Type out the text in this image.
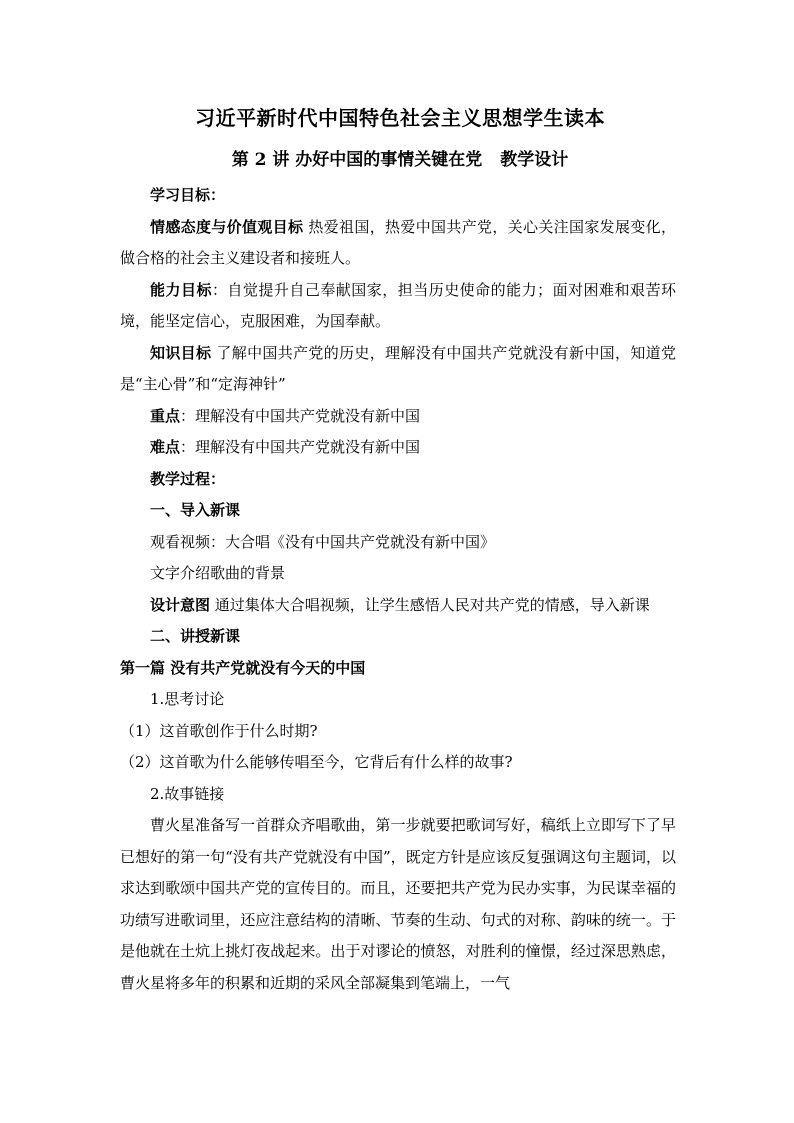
习近平新时代中国特色社会主义思想学生读本
第 2 讲 办好中国的事情关键在党 教学设计

学习目标：

情感态度与价值观目标 热爱祖国，热爱中国共产党，关心关注国家发展变化，做合格的社会主义建设者和接班人。

能力目标：自觉提升自己奉献国家，担当历史使命的能力；面对困难和艰苦环境，能坚定信心，克服困难，为国奉献。

知识目标 了解中国共产党的历史，理解没有中国共产党就没有新中国，知道党是“主心骨”和“定海神针”

重点：理解没有中国共产党就没有新中国

难点：理解没有中国共产党就没有新中国

教学过程：

一、导入新课

观看视频：大合唱《没有中国共产党就没有新中国》

文字介绍歌曲的背景

设计意图 通过集体大合唱视频，让学生感悟人民对共产党的情感，导入新课

二、讲授新课

第一篇 没有共产党就没有今天的中国

1.思考讨论

（1）这首歌创作于什么时期?

（2）这首歌为什么能够传唱至今，它背后有什么样的故事?

2.故事链接

曹火星准备写一首群众齐唱歌曲，第一步就要把歌词写好，稿纸上立即写下了早已想好的第一句“没有共产党就没有中国”，既定方针是应该反复强调这句主题词，以求达到歌颂中国共产党的宣传目的。而且，还要把共产党为民办实事，为民谋幸福的功绩写进歌词里，还应注意结构的清晰、节奏的生动、句式的对称、韵味的统一。于是他就在土炕上挑灯夜战起来。出于对谬论的愤怒，对胜利的憧憬，经过深思熟虑，曹火星将多年的积累和近期的采风全部凝集到笔端上，一气
